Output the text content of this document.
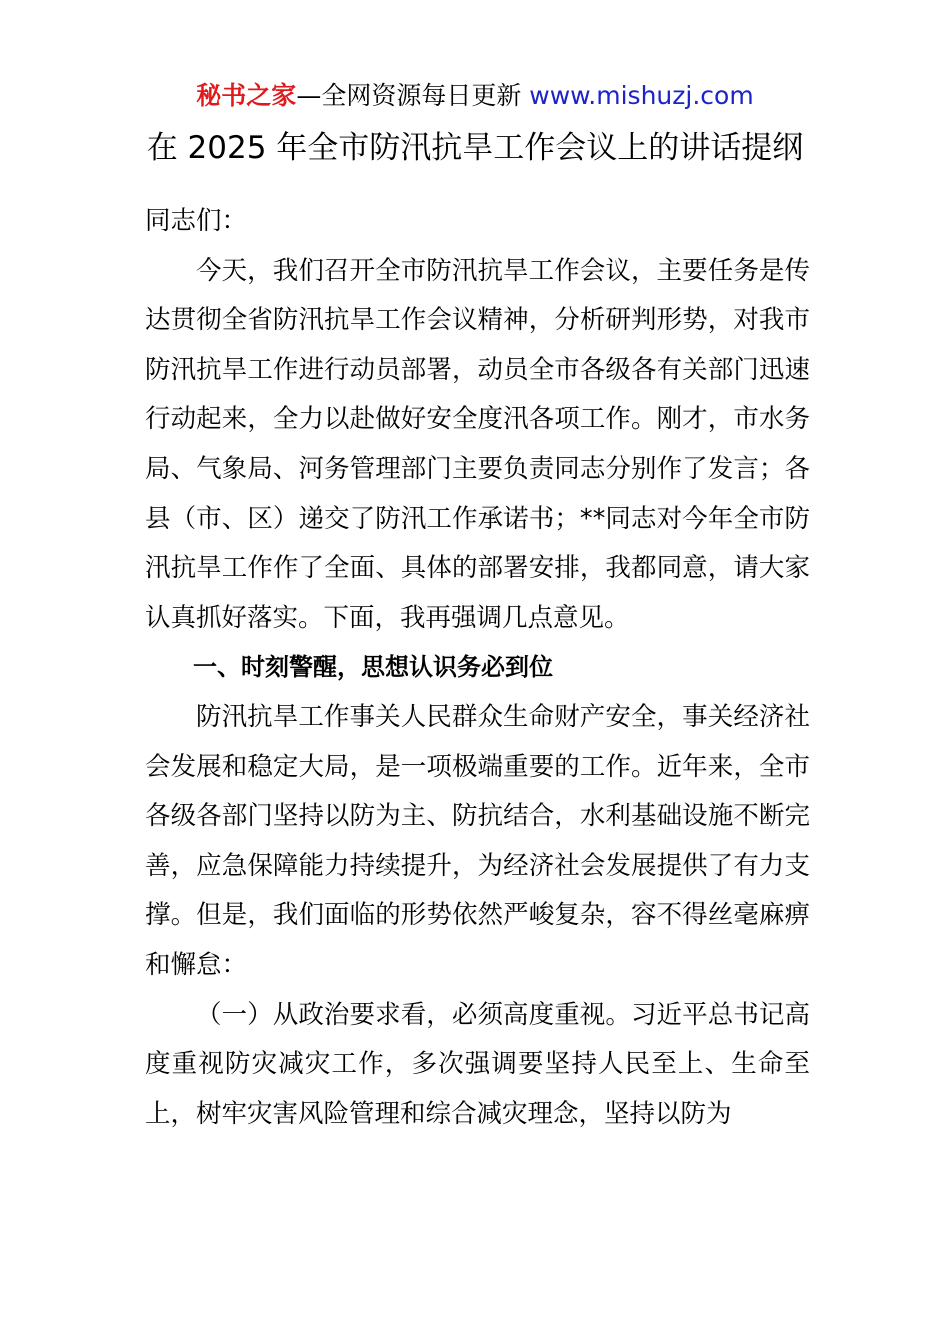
秘书之家—全网资源每日更新 www.mishuzj.com
在 2025 年全市防汛抗旱工作会议上的讲话提纲

同志们：

今天，我们召开全市防汛抗旱工作会议，主要任务是传达贯彻全省防汛抗旱工作会议精神，分析研判形势，对我市防汛抗旱工作进行动员部署，动员全市各级各有关部门迅速行动起来，全力以赴做好安全度汛各项工作。刚才，市水务局、气象局、河务管理部门主要负责同志分别作了发言；各县（市、区）递交了防汛工作承诺书；**同志对今年全市防汛抗旱工作作了全面、具体的部署安排，我都同意，请大家认真抓好落实。下面，我再强调几点意见。

一、时刻警醒，思想认识务必到位

防汛抗旱工作事关人民群众生命财产安全，事关经济社会发展和稳定大局，是一项极端重要的工作。近年来，全市各级各部门坚持以防为主、防抗结合，水利基础设施不断完善，应急保障能力持续提升，为经济社会发展提供了有力支撑。但是，我们面临的形势依然严峻复杂，容不得丝毫麻痹和懈怠：

（一）从政治要求看，必须高度重视。习近平总书记高度重视防灾减灾工作，多次强调要坚持人民至上、生命至上，树牢灾害风险管理和综合减灾理念，坚持以防为
